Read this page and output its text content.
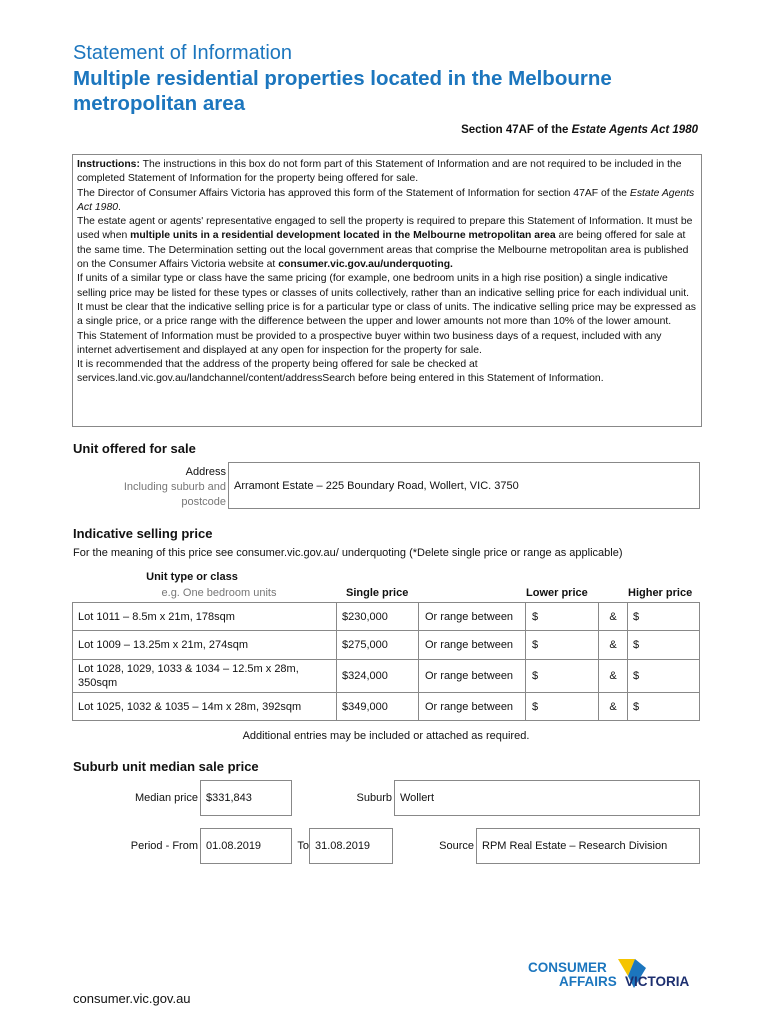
Statement of Information
Multiple residential properties located in the Melbourne metropolitan area
Section 47AF of the Estate Agents Act 1980

Instructions: The instructions in this box do not form part of this Statement of Information and are not required to be included in the completed Statement of Information for the property being offered for sale.

The Director of Consumer Affairs Victoria has approved this form of the Statement of Information for section 47AF of the Estate Agents Act 1980.

The estate agent or agents' representative engaged to sell the property is required to prepare this Statement of Information. It must be used when multiple units in a residential development located in the Melbourne metropolitan area are being offered for sale at the same time. The Determination setting out the local government areas that comprise the Melbourne metropolitan area is published on the Consumer Affairs Victoria website at consumer.vic.gov.au/underquoting.

If units of a similar type or class have the same pricing (for example, one bedroom units in a high rise position) a single indicative selling price may be listed for these types or classes of units collectively, rather than an indicative selling price for each individual unit. It must be clear that the indicative selling price is for a particular type or class of units. The indicative selling price may be expressed as a single price, or a price range with the difference between the upper and lower amounts not more than 10% of the lower amount.

This Statement of Information must be provided to a prospective buyer within two business days of a request, included with any internet advertisement and displayed at any open for inspection for the property for sale.

It is recommended that the address of the property being offered for sale be checked at services.land.vic.gov.au/landchannel/content/addressSearch before being entered in this Statement of Information.

Unit offered for sale
Address
Including suburb and
postcode
Arramont Estate – 225 Boundary Road, Wollert, VIC. 3750
Indicative selling price
For the meaning of this price see consumer.vic.gov.au/ underquoting (*Delete single price or range as applicable)
Unit type or class
e.g. One bedroom units	Single price	Lower price	Higher price
Lot 1011 – 8.5m x 21m, 178sqm	$230,000	Or range between	$	&	$
Lot 1009 – 13.25m x 21m, 274sqm	$275,000	Or range between	$	&	$
Lot 1028, 1029, 1033 & 1034 – 12.5m x 28m, 350sqm
$324,000	Or range between	$	&	$
Lot 1025, 1032 & 1035 – 14m x 28m, 392sqm	$349,000	Or range between	$	&	$
Additional entries may be included or attached as required.
Suburb unit median sale price
Median price $331,843	Suburb Wollert
Period - From 01.08.2019	To 31.08.2019	Source RPM Real Estate – Research Division
CONSUMER
AFFAIRS VICTORIA
consumer.vic.gov.au
